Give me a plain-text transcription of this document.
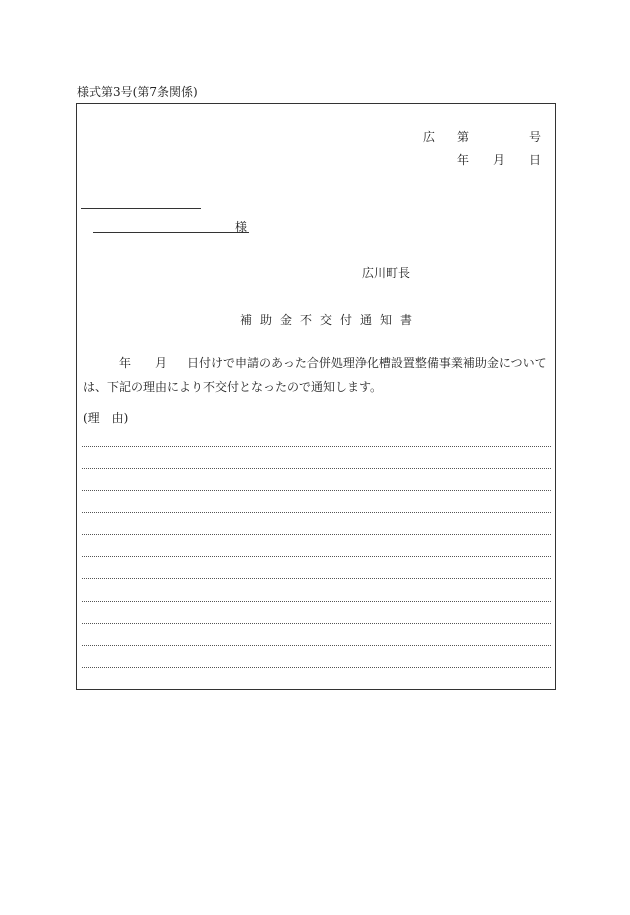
様式第3号(第7条関係)
広 第	号
年 月 日
様
広川町長
補助金不交付通知書
年 月 日付けで申請のあった合併処理浄化槽設置整備事業補助金について
は、下記の理由により不交付となったので通知します。
(理　由)
